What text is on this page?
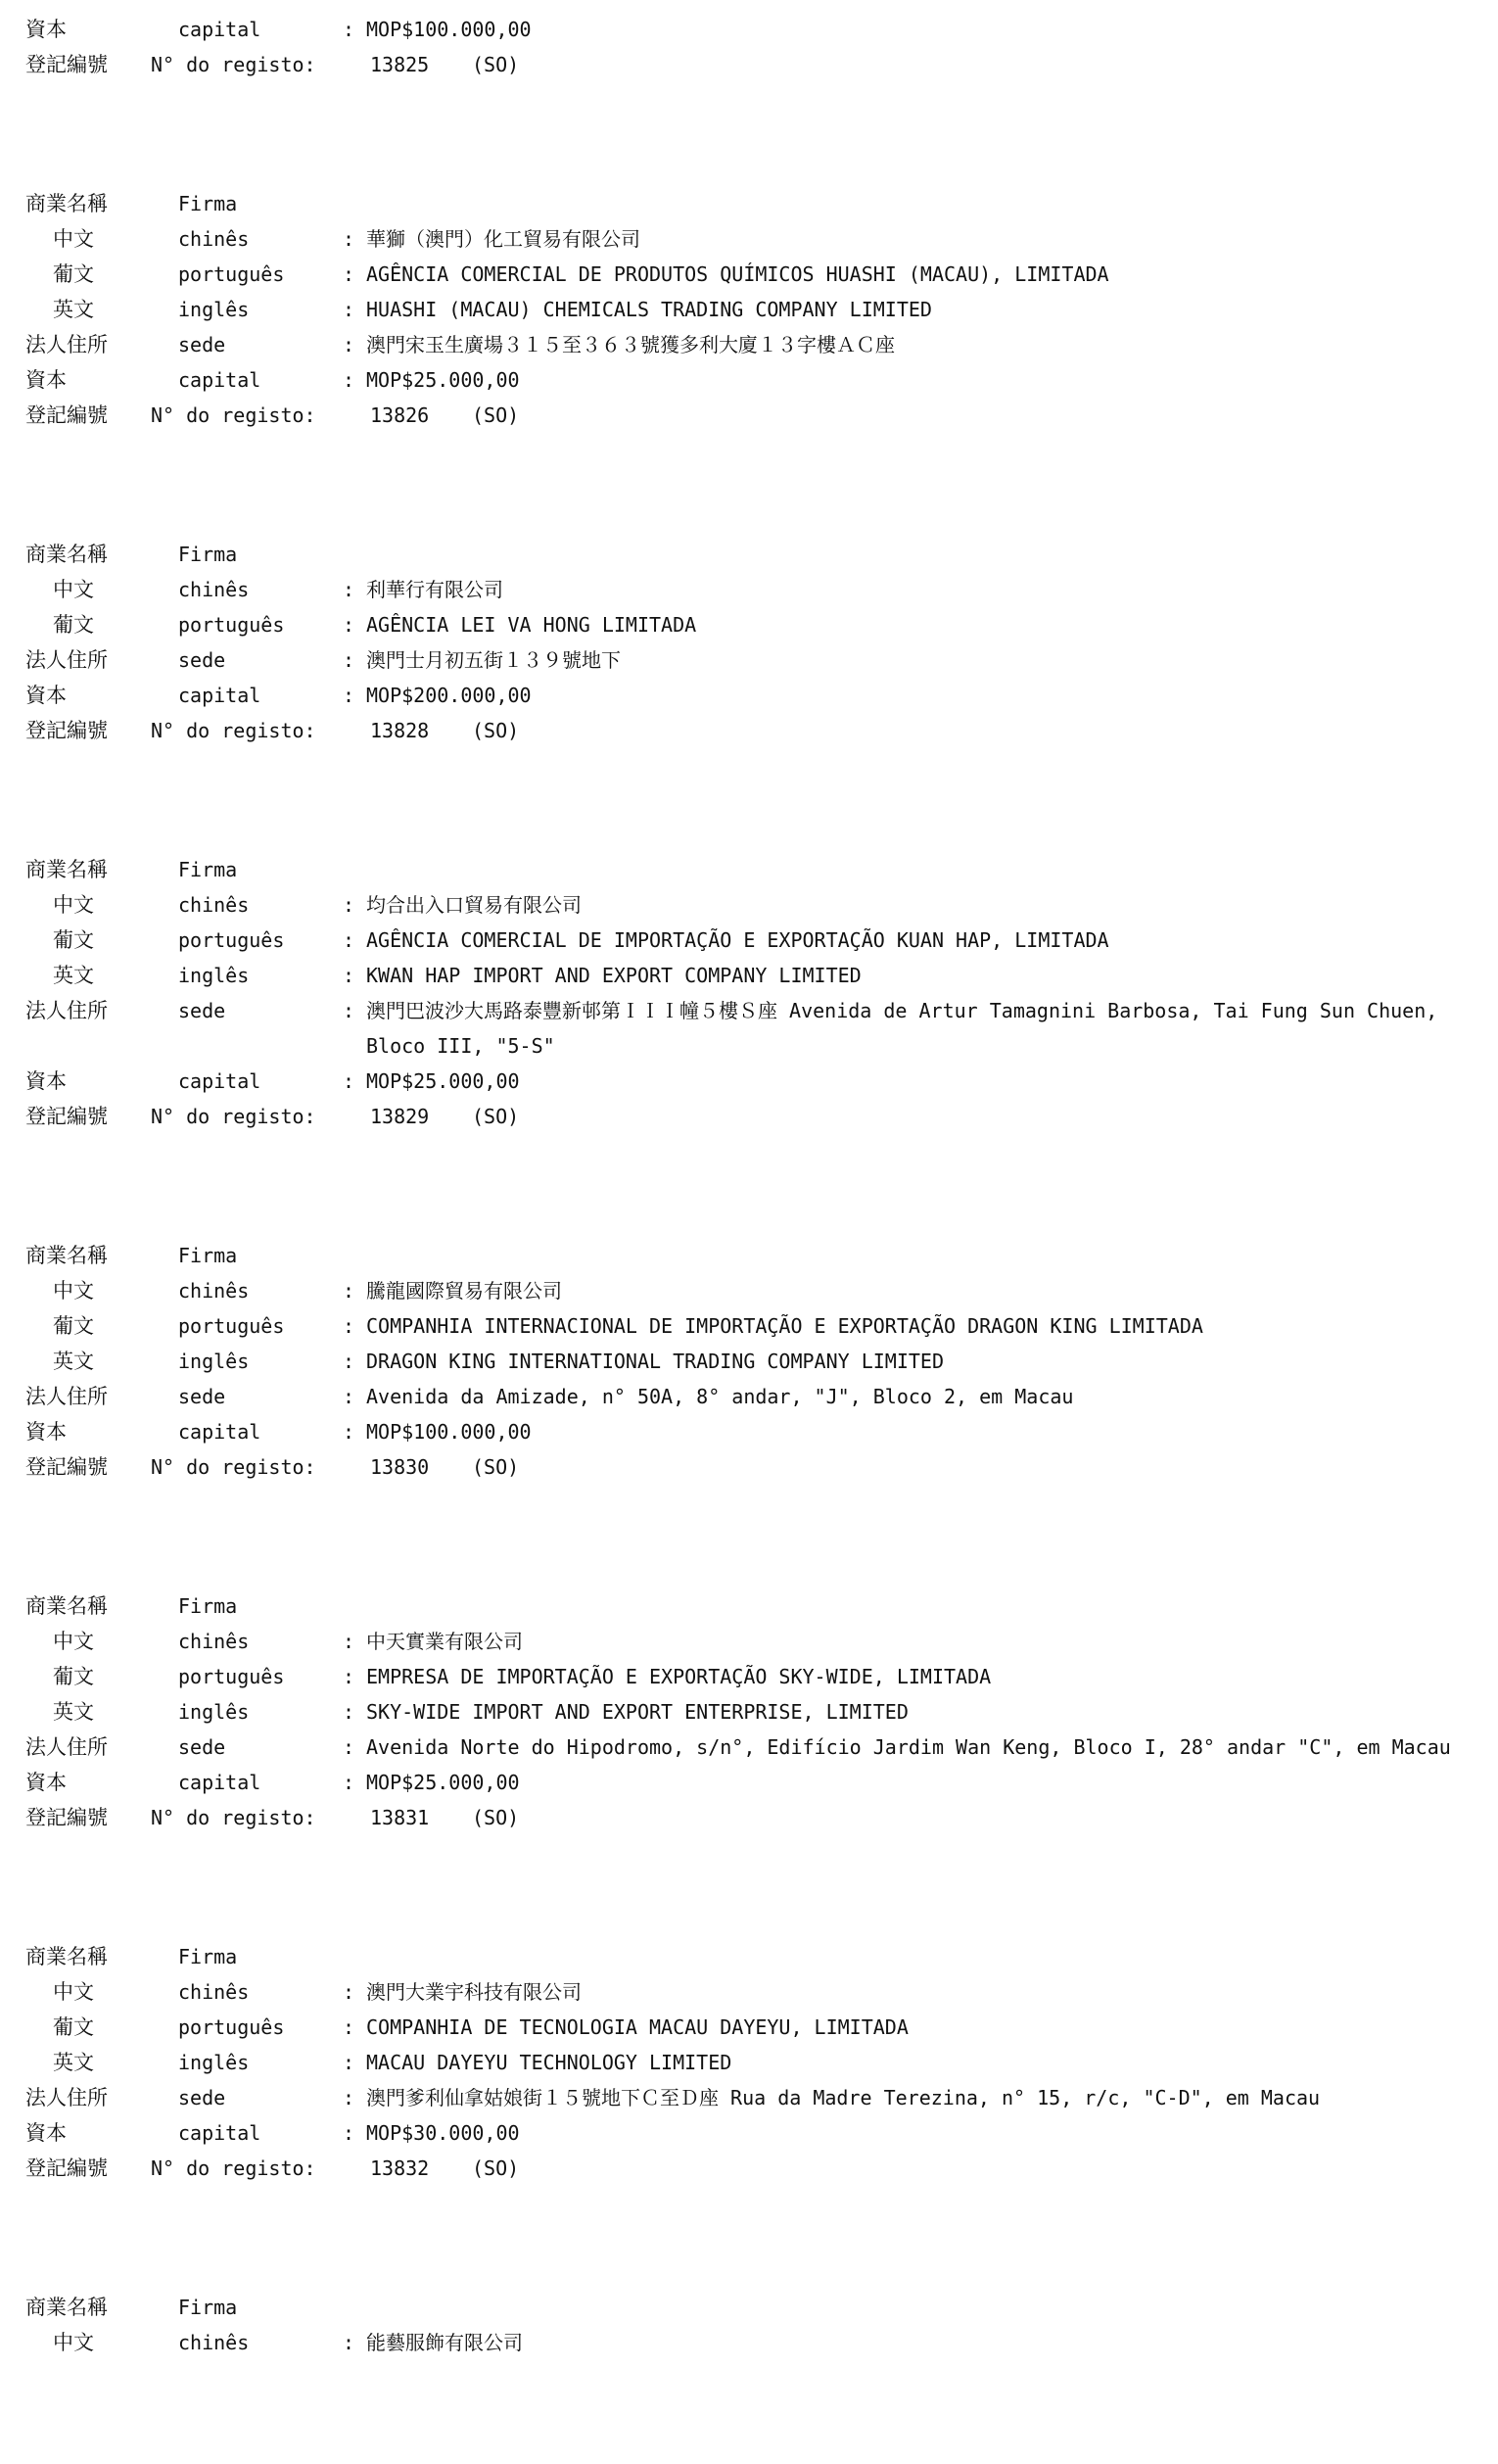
資本	capital	: MOP$100.000,00
登記編號	N° do registo:	13825	(SO)
商業名稱	Firma
中文	chinês	: 華獅（澳門）化工貿易有限公司
葡文	português	: AGÊNCIA COMERCIAL DE PRODUTOS QUÍMICOS HUASHI (MACAU), LIMITADA
英文	inglês	: HUASHI (MACAU) CHEMICALS TRADING COMPANY LIMITED
法人住所	sede	: 澳門宋玉生廣場３１５至３６３號獲多利大廈１３字樓ＡＣ座
資本	capital	: MOP$25.000,00
登記編號	N° do registo:	13826	(SO)
商業名稱	Firma
中文	chinês	: 利華行有限公司
葡文	português	: AGÊNCIA LEI VA HONG LIMITADA
法人住所	sede	: 澳門士月初五街１３９號地下
資本	capital	: MOP$200.000,00
登記編號	N° do registo:	13828	(SO)
商業名稱	Firma
中文	chinês	: 均合出入口貿易有限公司
葡文	português	: AGÊNCIA COMERCIAL DE IMPORTAÇÃO E EXPORTAÇÃO KUAN HAP, LIMITADA
英文	inglês	: KWAN HAP IMPORT AND EXPORT COMPANY LIMITED
法人住所	sede	: 澳門巴波沙大馬路泰豐新邨第ＩＩＩ幢５樓Ｓ座 Avenida de Artur Tamagnini Barbosa, Tai Fung Sun Chuen, Bloco III, "5-S"
資本	capital	: MOP$25.000,00
登記編號	N° do registo:	13829	(SO)
商業名稱	Firma
中文	chinês	: 騰龍國際貿易有限公司
葡文	português	: COMPANHIA INTERNACIONAL DE IMPORTAÇÃO E EXPORTAÇÃO DRAGON KING LIMITADA
英文	inglês	: DRAGON KING INTERNATIONAL TRADING COMPANY LIMITED
法人住所	sede	: Avenida da Amizade, n° 50A, 8° andar, "J", Bloco 2, em Macau
資本	capital	: MOP$100.000,00
登記編號	N° do registo:	13830	(SO)
商業名稱	Firma
中文	chinês	: 中天實業有限公司
葡文	português	: EMPRESA DE IMPORTAÇÃO E EXPORTAÇÃO SKY-WIDE, LIMITADA
英文	inglês	: SKY-WIDE IMPORT AND EXPORT ENTERPRISE, LIMITED
法人住所	sede	: Avenida Norte do Hipodromo, s/n°, Edifício Jardim Wan Keng, Bloco I, 28° andar "C", em Macau
資本	capital	: MOP$25.000,00
登記編號	N° do registo:	13831	(SO)
商業名稱	Firma
中文	chinês	: 澳門大業宇科技有限公司
葡文	português	: COMPANHIA DE TECNOLOGIA MACAU DAYEYU, LIMITADA
英文	inglês	: MACAU DAYEYU TECHNOLOGY LIMITED
法人住所	sede	: 澳門爹利仙拿姑娘街１５號地下Ｃ至Ｄ座 Rua da Madre Terezina, n° 15, r/c, "C-D", em Macau
資本	capital	: MOP$30.000,00
登記編號	N° do registo:	13832	(SO)
商業名稱	Firma
中文	chinês	: 能藝服飾有限公司
